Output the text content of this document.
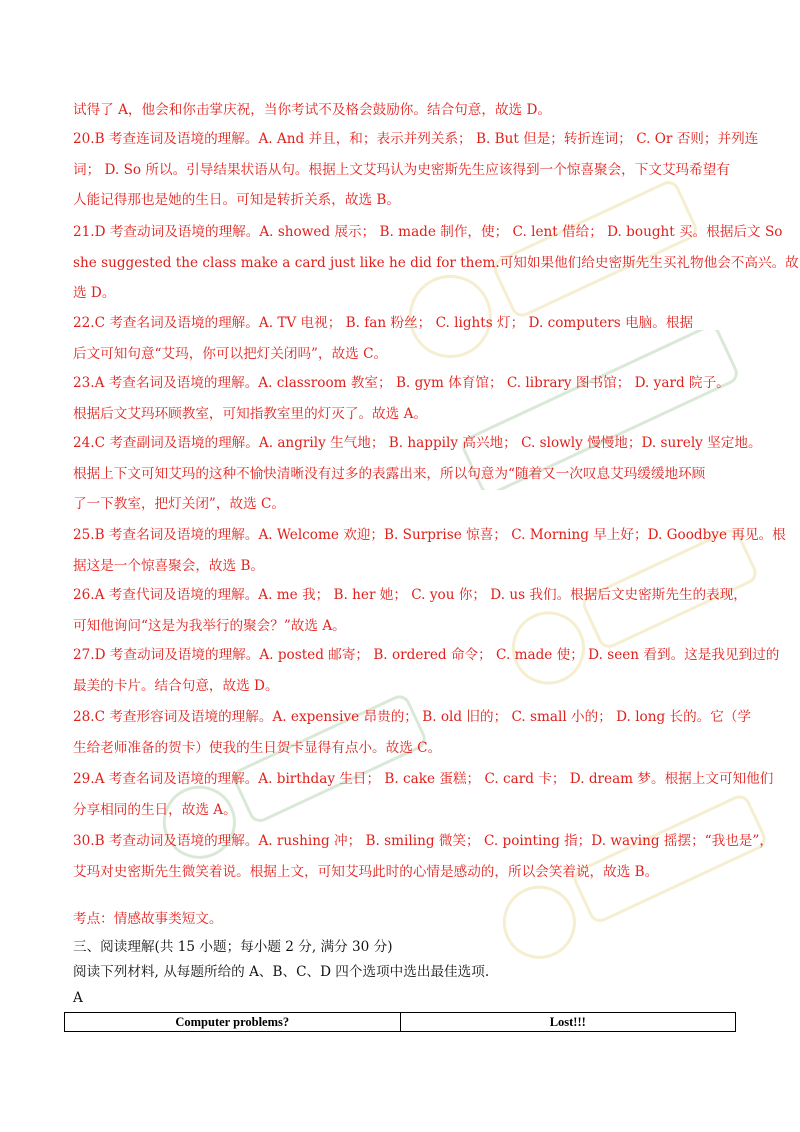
试得了 A，他会和你击掌庆祝，当你考试不及格会鼓励你。结合句意，故选 D。
20.B 考查连词及语境的理解。A. And 并且，和；表示并列关系； B. But 但是；转折连词； C. Or 否则；并列连
词； D. So 所以。引导结果状语从句。根据上文艾玛认为史密斯先生应该得到一个惊喜聚会，下文艾玛希望有
人能记得那也是她的生日。可知是转折关系，故选 B。
21.D 考查动词及语境的理解。A. showed 展示； B. made 制作，使； C. lent 借给； D. bought 买。根据后文 So
she suggested the class make a card just like he did for them.可知如果他们给史密斯先生买礼物他会不高兴。故
选 D。
22.C 考查名词及语境的理解。A. TV 电视； B. fan 粉丝； C. lights 灯； D. computers 电脑。根据
后文可知句意“艾玛，你可以把灯关闭吗”，故选 C。
23.A 考查名词及语境的理解。A. classroom 教室； B. gym 体育馆； C. library 图书馆； D. yard 院子。
根据后文艾玛环顾教室，可知指教室里的灯灭了。故选 A。
24.C 考查副词及语境的理解。A. angrily 生气地； B. happily 高兴地； C. slowly 慢慢地；D. surely 坚定地。
根据上下文可知艾玛的这种不愉快清晰没有过多的表露出来，所以句意为“随着又一次叹息艾玛缓缓地环顾
了一下教室，把灯关闭”，故选 C。
25.B 考查名词及语境的理解。A. Welcome 欢迎；B. Surprise 惊喜； C. Morning 早上好；D. Goodbye 再见。根
据这是一个惊喜聚会，故选 B。
26.A 考查代词及语境的理解。A. me 我； B. her 她； C. you 你； D. us 我们。根据后文史密斯先生的表现，
可知他询问“这是为我举行的聚会？”故选 A。
27.D 考查动词及语境的理解。A. posted 邮寄； B. ordered 命令； C. made 使； D. seen 看到。这是我见到过的
最美的卡片。结合句意，故选 D。
28.C 考查形容词及语境的理解。A. expensive 昂贵的； B. old 旧的； C. small 小的； D. long 长的。它（学
生给老师准备的贺卡）使我的生日贺卡显得有点小。故选 C。
29.A 考查名词及语境的理解。A. birthday 生日； B. cake 蛋糕； C. card 卡； D. dream 梦。根据上文可知他们
分享相同的生日，故选 A。
30.B 考查动词及语境的理解。A. rushing 冲； B. smiling 微笑； C. pointing 指；D. waving 摇摆；“我也是”，
艾玛对史密斯先生微笑着说。根据上文，可知艾玛此时的心情是感动的，所以会笑着说，故选 B。
考点：情感故事类短文。
三、阅读理解(共 15 小题；每小题 2 分, 满分 30 分)
阅读下列材料, 从每题所给的 A、B、C、D 四个选项中选出最佳选项.
A
Computer problems?	Lost!!!
